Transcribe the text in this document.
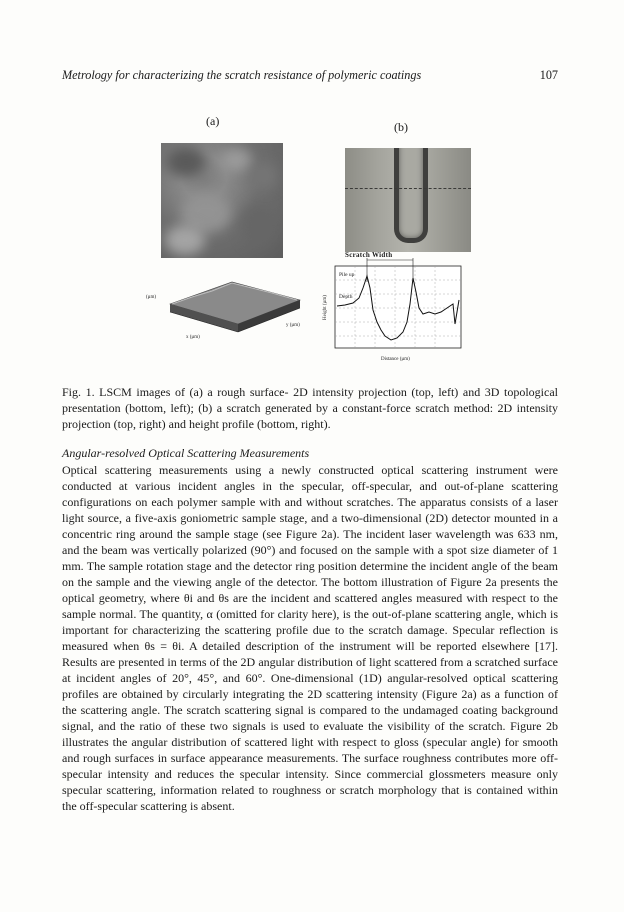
Metrology for characterizing the scratch resistance of polymeric coatings	107
(a)	(b)
(µm)
x (µm)
y (µm)
Scratch Width
Pile up
Depth
Height (µm)
Distance (µm)
Fig. 1. LSCM images of (a) a rough surface- 2D intensity projection (top, left) and 3D topological presentation (bottom, left); (b) a scratch generated by a constant-force scratch method: 2D intensity projection (top, right) and height profile (bottom, right).
Angular-resolved Optical Scattering Measurements

Optical scattering measurements using a newly constructed optical scattering instrument were conducted at various incident angles in the specular, off-specular, and out-of-plane scattering configurations on each polymer sample with and without scratches. The apparatus consists of a laser light source, a five-axis goniometric sample stage, and a two-dimensional (2D) detector mounted in a concentric ring around the sample stage (see Figure 2a). The incident laser wavelength was 633 nm, and the beam was vertically polarized (90°) and focused on the sample with a spot size diameter of 1 mm. The sample rotation stage and the detector ring position determine the incident angle of the beam on the sample and the viewing angle of the detector. The bottom illustration of Figure 2a presents the optical geometry, where θi and θs are the incident and scattered angles measured with respect to the sample normal. The quantity, α (omitted for clarity here), is the out-of-plane scattering angle, which is important for characterizing the scattering profile due to the scratch damage. Specular reflection is measured when θs = θi. A detailed description of the instrument will be reported elsewhere [17]. Results are presented in terms of the 2D angular distribution of light scattered from a scratched surface at incident angles of 20°, 45°, and 60°. One-dimensional (1D) angular-resolved optical scattering profiles are obtained by circularly integrating the 2D scattering intensity (Figure 2a) as a function of the scattering angle. The scratch scattering signal is compared to the undamaged coating background signal, and the ratio of these two signals is used to evaluate the visibility of the scratch. Figure 2b illustrates the angular distribution of scattered light with respect to gloss (specular angle) for smooth and rough surfaces in surface appearance measurements. The surface roughness contributes more off-specular intensity and reduces the specular intensity. Since commercial glossmeters measure only specular scattering, information related to roughness or scratch morphology that is contained within the off-specular scattering is absent.
